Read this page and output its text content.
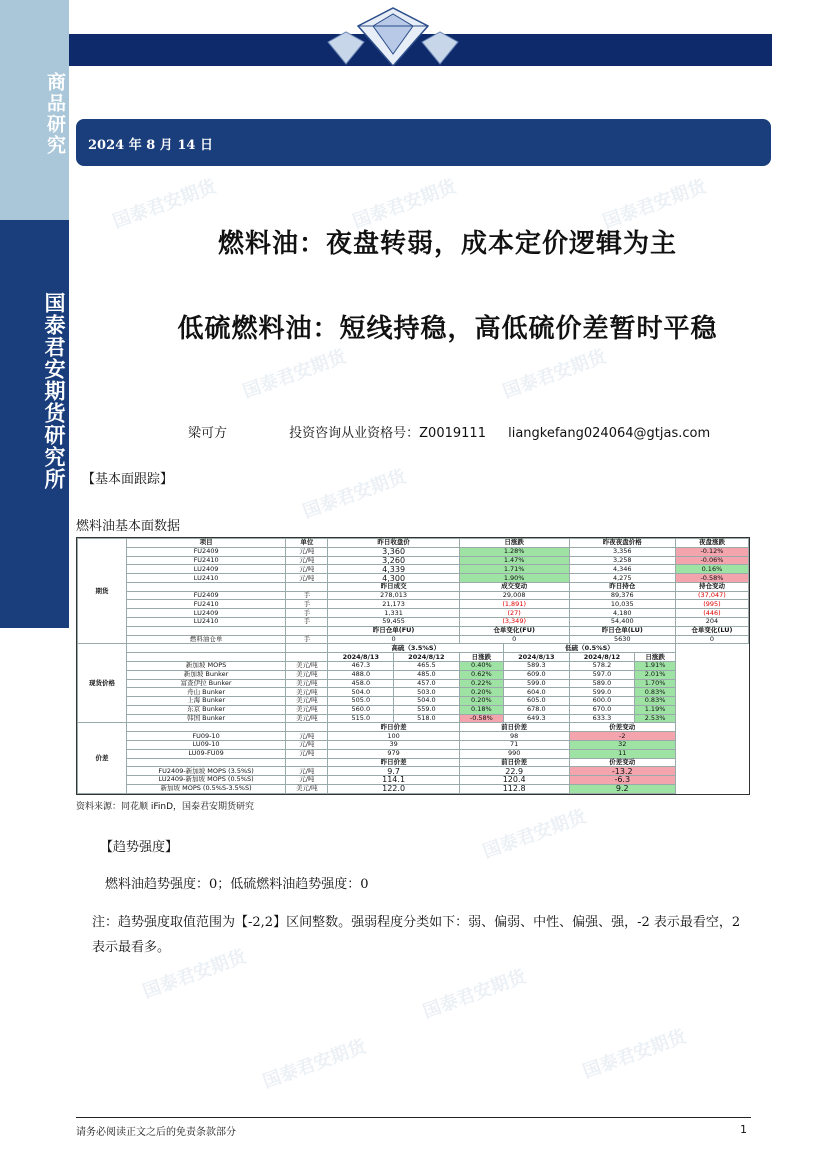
国泰君安期货	国泰君安期货	国泰君安期货
国泰君安期货	国泰君安期货
国泰君安期货
国泰君安期货
国泰君安期货	国泰君安期货
国泰君安期货	国泰君安期货
商品研究
国泰君安期货研究所
2024 年 8 月 14 日
燃料油：夜盘转弱，成本定价逻辑为主
低硫燃料油：短线持稳，高低硫价差暂时平稳
梁可方	投资咨询从业资格号：Z0019111 liangkefang024064@gtjas.com
【基本面跟踪】
燃料油基本面数据
期货	项目	单位	昨日收盘价		日涨跌		昨夜夜盘价格		夜盘涨跌
	FU2409	元/吨	3,360		1.28%		3,356		-0.12%
	FU2410	元/吨	3,260		1.47%		3,258		-0.06%
	LU2409	元/吨	4,339		1.71%		4,346		0.16%
	LU2410	元/吨	4,300		1.90%		4,275		-0.58%
			昨日成交		成交变动		昨日持仓		持仓变动
	FU2409	手	278,013		29,008		89,376		(37,047)
	FU2410	手	21,173		(1,891)		10,035		(995)
	LU2409	手	1,331		(27)		4,180		(446)
	LU2410	手	59,455		(3,349)		54,400		204
			昨日仓单(FU)		仓单变化(FU)		昨日仓单(LU)		仓单变化(LU)
	燃料油仓单	手	0		0		5630		0
现货价格			高硫（3.5%S）			低硫（0.5%S）			
			2024/8/13	2024/8/12	日涨跌	2024/8/13	2024/8/12	日涨跌	
	新加坡 MOPS	美元/吨	467.3	465.5	0.40%	589.3	578.2	1.91%	
	新加坡 Bunker	美元/吨	488.0	485.0	0.62%	609.0	597.0	2.01%	
	富查伊拉 Bunker	美元/吨	458.0	457.0	0.22%	599.0	589.0	1.70%	
	舟山 Bunker	美元/吨	504.0	503.0	0.20%	604.0	599.0	0.83%	
	上海 Bunker	美元/吨	505.0	504.0	0.20%	605.0	600.0	0.83%	
	东京 Bunker	美元/吨	560.0	559.0	0.18%	678.0	670.0	1.19%	
	韩国 Bunker	美元/吨	515.0	518.0	-0.58%	649.3	633.3	2.53%	
价差			昨日价差		前日价差		价差变动		
	FU09-10	元/吨	100		98		-2		
	LU09-10	元/吨	39		71		32		
	LU09-FU09	元/吨	979		990		11		
			昨日价差		前日价差		价差变动		
	FU2409-新加坡 MOPS (3.5%S)	元/吨	9.7		22.9		-13.2		
	LU2409-新加坡 MOPS (0.5%S)	元/吨	114.1		120.4		-6.3		
	新加坡 MOPS (0.5%S-3.5%S)	美元/吨	122.0		112.8		9.2		
资料来源：同花顺 iFinD，国泰君安期货研究
【趋势强度】
燃料油趋势强度：0；低硫燃料油趋势强度：0
注：趋势强度取值范围为【-2,2】区间整数。强弱程度分类如下：弱、偏弱、中性、偏强、强，-2 表示最看空，2 表示最看多。
请务必阅读正文之后的免责条款部分	1
